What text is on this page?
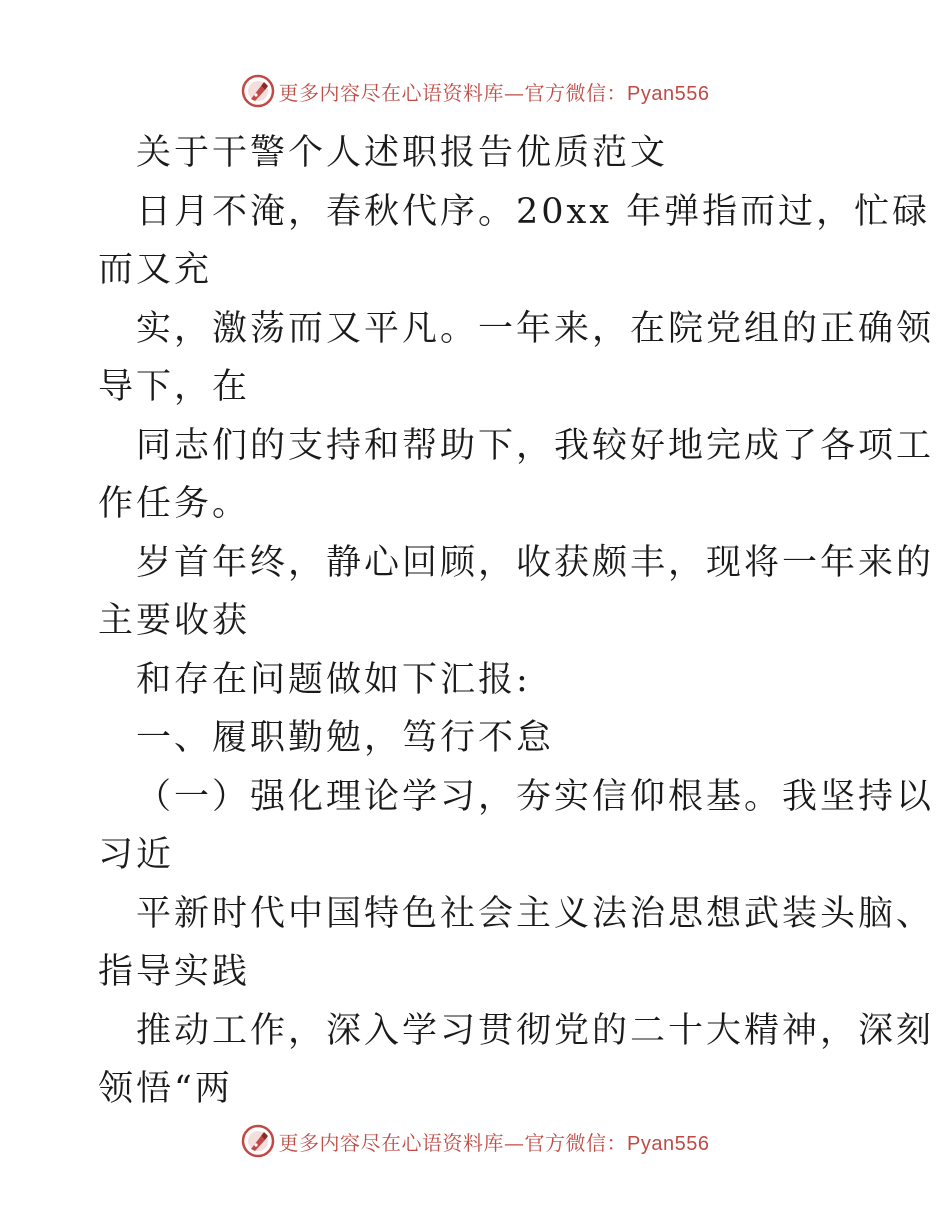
更多内容尽在心语资料库—官方微信：Pyan556
关于干警个人述职报告优质范文
日月不淹，春秋代序。20xx 年弹指而过，忙碌
而又充
实，激荡而又平凡。一年来，在院党组的正确领
导下，在
同志们的支持和帮助下，我较好地完成了各项工
作任务。
岁首年终，静心回顾，收获颇丰，现将一年来的
主要收获
和存在问题做如下汇报:
一、履职勤勉，笃行不怠
（一）强化理论学习，夯实信仰根基。我坚持以
习近
平新时代中国特色社会主义法治思想武装头脑、
指导实践
推动工作，深入学习贯彻党的二十大精神，深刻
领悟“两
更多内容尽在心语资料库—官方微信：Pyan556
